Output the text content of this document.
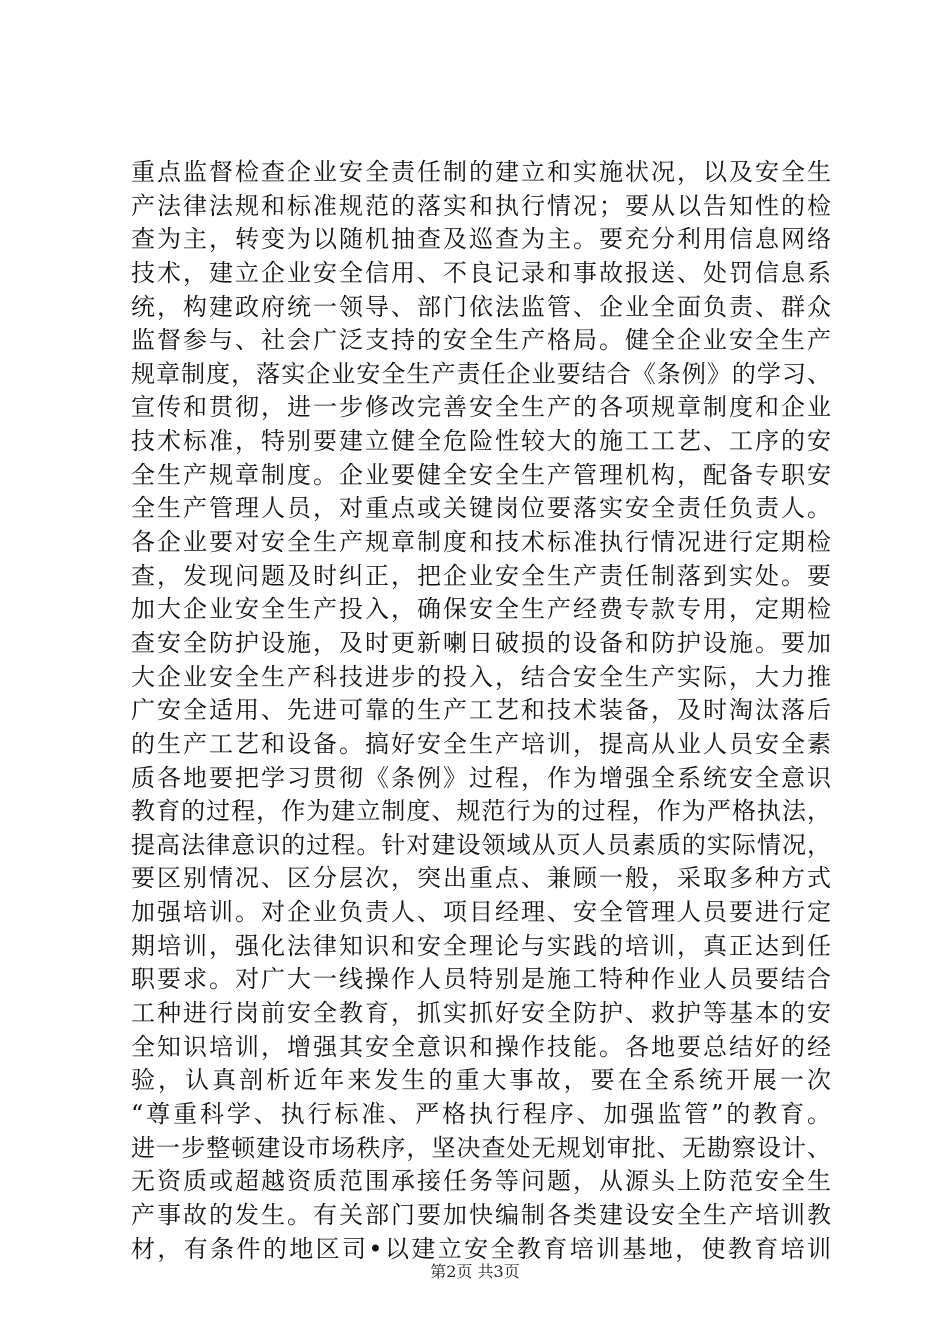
重点监督检查企业安全责任制的建立和实施状况，以及安全生
产法律法规和标准规范的落实和执行情况；要从以告知性的检
查为主，转变为以随机抽查及巡查为主。要充分利用信息网络
技术，建立企业安全信用、不良记录和事故报送、处罚信息系
统，构建政府统一领导、部门依法监管、企业全面负责、群众
监督参与、社会广泛支持的安全生产格局。健全企业安全生产
规章制度，落实企业安全生产责任企业要结合《条例》的学习、
宣传和贯彻，进一步修改完善安全生产的各项规章制度和企业
技术标准，特别要建立健全危险性较大的施工工艺、工序的安
全生产规章制度。企业要健全安全生产管理机构，配备专职安
全生产管理人员，对重点或关键岗位要落实安全责任负责人。
各企业要对安全生产规章制度和技术标准执行情况进行定期检
查，发现问题及时纠正，把企业安全生产责任制落到实处。要
加大企业安全生产投入，确保安全生产经费专款专用，定期检
查安全防护设施，及时更新喇日破损的设备和防护设施。要加
大企业安全生产科技进步的投入，结合安全生产实际，大力推
广安全适用、先进可靠的生产工艺和技术装备，及时淘汰落后
的生产工艺和设备。搞好安全生产培训，提高从业人员安全素
质各地要把学习贯彻《条例》过程，作为增强全系统安全意识
教育的过程，作为建立制度、规范行为的过程，作为严格执法，
提高法律意识的过程。针对建设领域从页人员素质的实际情况，
要区别情况、区分层次，突出重点、兼顾一般，采取多种方式
加强培训。对企业负责人、项目经理、安全管理人员要进行定
期培训，强化法律知识和安全理论与实践的培训，真正达到任
职要求。对广大一线操作人员特别是施工特种作业人员要结合
工种进行岗前安全教育，抓实抓好安全防护、救护等基本的安
全知识培训，增强其安全意识和操作技能。各地要总结好的经
验，认真剖析近年来发生的重大事故，要在全系统开展一次
“尊重科学、执行标准、严格执行程序、加强监管”的教育。
进一步整顿建设市场秩序，坚决查处无规划审批、无勘察设计、
无资质或超越资质范围承接任务等问题，从源头上防范安全生
产事故的发生。有关部门要加快编制各类建设安全生产培训教
材，有条件的地区司•以建立安全教育培训基地，使教育培训
第2页 共3页
